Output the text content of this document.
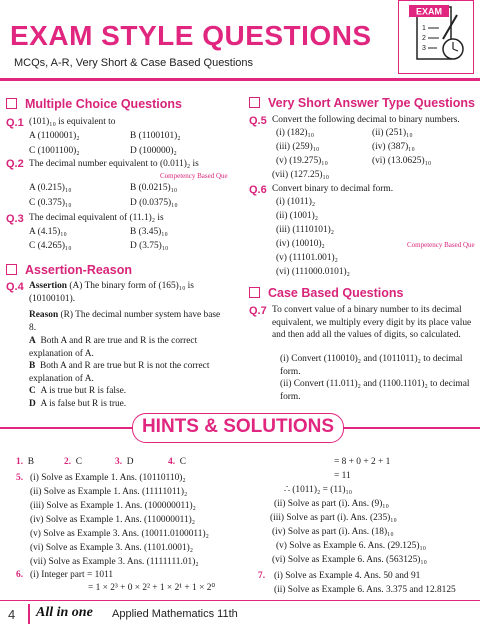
EXAM STYLE QUESTIONS
MCQs, A-R, Very Short & Case Based Questions
EXAM
1
2
3
Multiple Choice Questions
Q.1 (101)₁₀ is equivalent to
A (1100001)₂	B (1100101)₂
C (1001100)₂	D (100000)₂
Q.2 The decimal number equivalent to (0.011)₂ is
Competency Based Que
A (0.215)₁₀	B (0.0215)₁₀
C (0.375)₁₀	D (0.0375)₁₀
Q.3 The decimal equivalent of (11.1)₂ is
A (4.15)₁₀	B (3.45)₁₀
C (4.265)₁₀	D (3.75)₁₀
Assertion-Reason
Q.4 Assertion (A) The binary form of (165)₁₀ is (10100101).
Reason (R) The decimal number system have base 8.
A Both A and R are true and R is the correct explanation of A.
B Both A and R are true but R is not the correct explanation of A.
C A is true but R is false.
D A is false but R is true.
Very Short Answer Type Questions
Q.5 Convert the following decimal to binary numbers.
(i) (182)₁₀	(ii) (251)₁₀
(iii) (259)₁₀	(iv) (387)₁₀
(v) (19.275)₁₀	(vi) (13.0625)₁₀
(vii) (127.25)₁₀
Q.6 Convert binary to decimal form.
(i) (1011)₂
(ii) (1001)₂
(iii) (1110101)₂
(iv) (10010)₂	Competency Based Que
(v) (11101.001)₂
(vi) (111000.0101)₂
Case Based Questions
Q.7 To convert value of a binary number to its decimal equivalent, we multiply every digit by its place value and then add all the values of digits, so calculated.
(i) Convert (110010)₂ and (1011011)₂ to decimal form.
(ii) Convert (11.011)₂ and (1100.1101)₂ to decimal form.
HINTS & SOLUTIONS
1. B	2. C	3. D	4. C
5. (i) Solve as Example 1. Ans. (10110110)₂
(ii) Solve as Example 1. Ans. (11111011)₂
(iii) Solve as Example 1. Ans. (100000011)₂
(iv) Solve as Example 1. Ans. (110000011)₂
(v) Solve as Example 3. Ans. (10011.0100011)₂
(vi) Solve as Example 3. Ans. (1101.0001)₂
(vii) Solve as Example 3. Ans. (1111111.01)₂
6. (i) Integer part = 1011
= 1 × 2³ + 0 × 2² + 1 × 2¹ + 1 × 2⁰
= 8 + 0 + 2 + 1
= 11
∴ (1011)₂ = (11)₁₀
(ii) Solve as part (i). Ans. (9)₁₀
(iii) Solve as part (i). Ans. (235)₁₀
(iv) Solve as part (i). Ans. (18)₁₀
(v) Solve as Example 6. Ans. (29.125)₁₀
(vi) Solve as Example 6. Ans. (563125)₁₀
7. (i) Solve as Example 4. Ans. 50 and 91
(ii) Solve as Example 6. Ans. 3.375 and 12.8125
4 All in one Applied Mathematics 11th
